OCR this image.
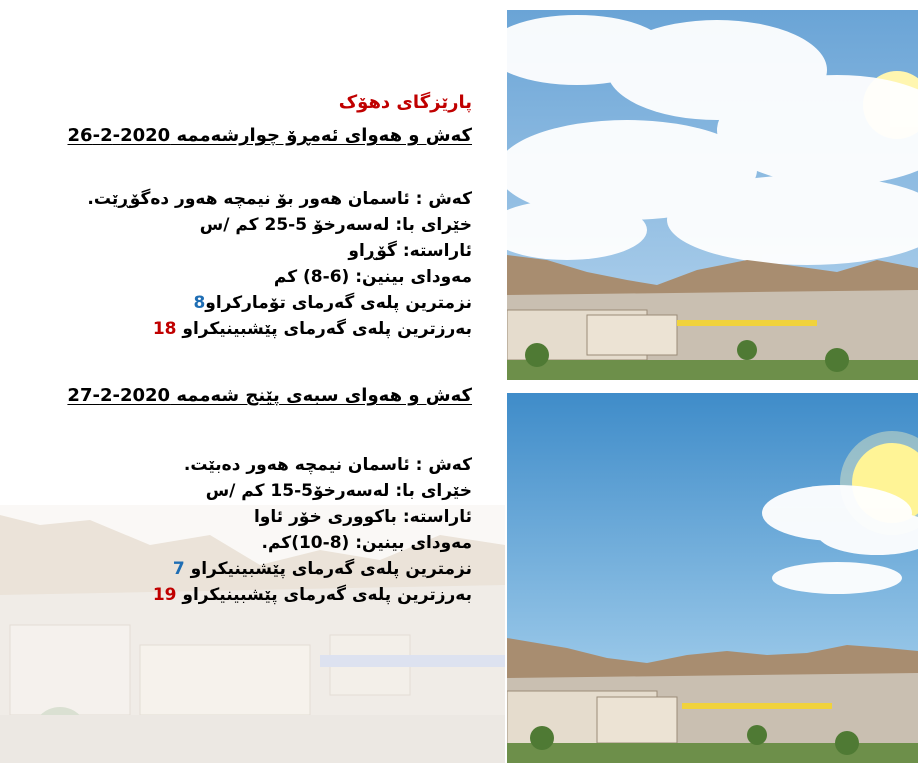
پارێزگای دهۆک
کەش و هەوای ئەمڕۆ چوارشەممە 2020-2-26
کەش : ئاسمان هەور بۆ نیمچە هەور دەگۆڕێت.
خێرای با: لەسەرخۆ 5-25 کم /س
ئاراستە: گۆڕاو
مەودای بینین: (6-8) کم
نزمترین پلەی گەرمای تۆمارکراو8
بەرزترین پلەی گەرمای پێشبینیکراو 18
کەش و هەوای سبەی پێنج شەممە 2020-2-27
کەش : ئاسمان نیمچە هەور دەبێت.
خێرای با: لەسەرخۆ5-15 کم /س
ئاراستە: باکووری خۆر ئاوا
مەودای بینین: (8-10)کم.
نزمترین پلەی گەرمای پێشبینیکراو 7
بەرزترین پلەی گەرمای پێشبینیکراو 19
